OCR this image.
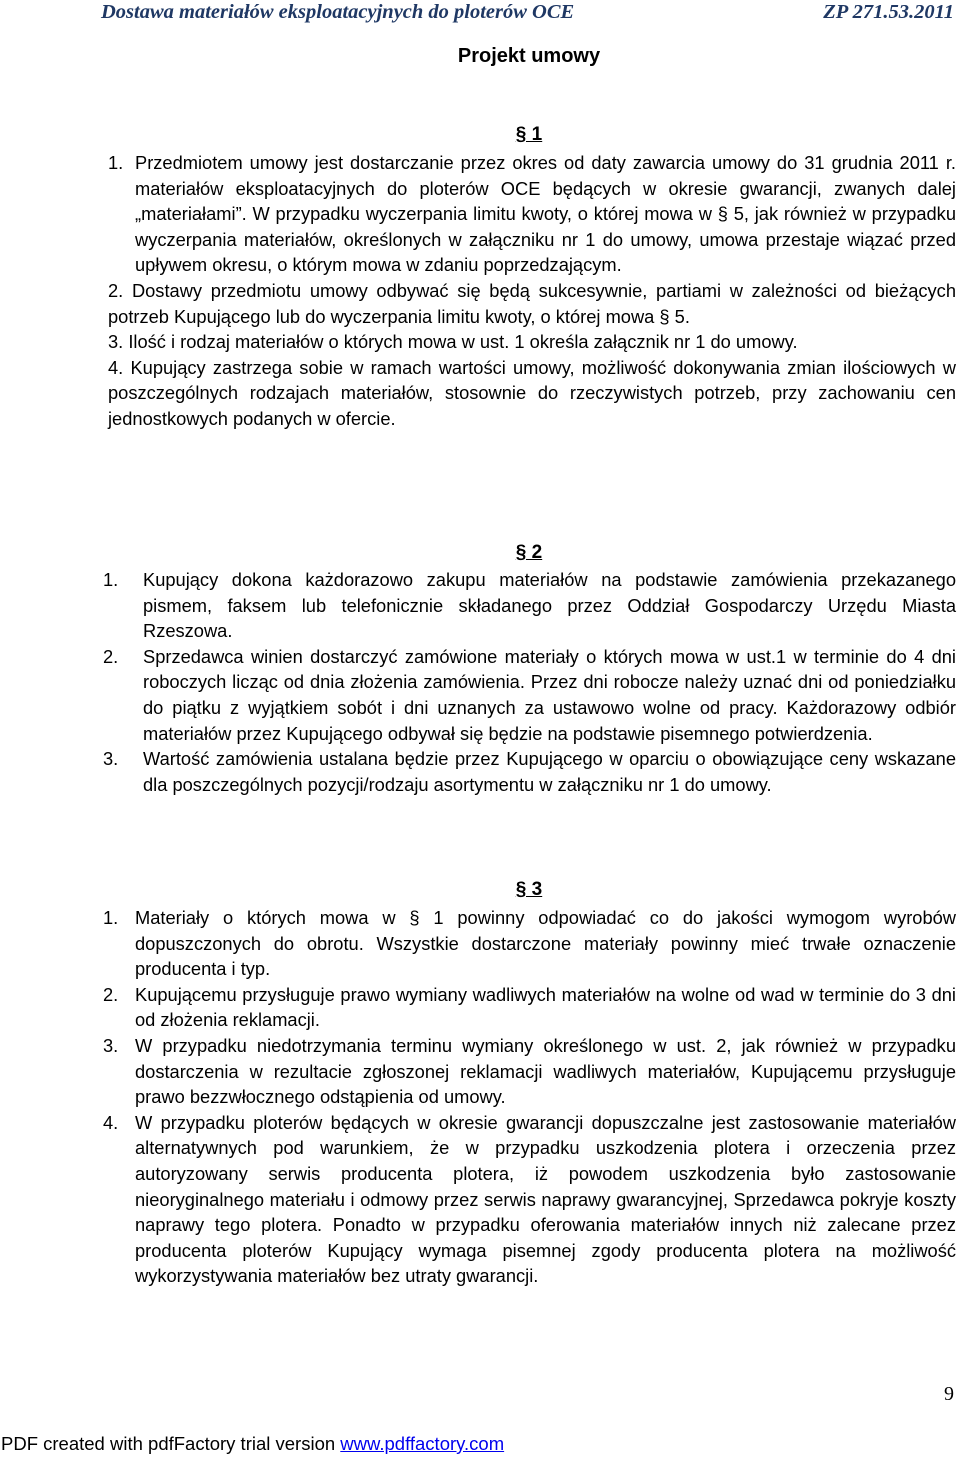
Dostawa materiałów eksploatacyjnych do ploterów OCE	ZP 271.53.2011
Projekt umowy
§ 1
1. Przedmiotem umowy jest dostarczanie przez okres od daty zawarcia umowy do 31 grudnia 2011 r. materiałów eksploatacyjnych do ploterów OCE będących w okresie gwarancji, zwanych dalej „materiałami”. W przypadku wyczerpania limitu kwoty, o której mowa w § 5, jak również w przypadku wyczerpania materiałów, określonych w załączniku nr 1 do umowy, umowa przestaje wiązać przed upływem okresu, o którym mowa w zdaniu poprzedzającym.
2. Dostawy przedmiotu umowy odbywać się będą sukcesywnie, partiami w zależności od bieżących potrzeb Kupującego lub do wyczerpania limitu kwoty, o której mowa § 5.
3. Ilość i rodzaj materiałów o których mowa w ust. 1 określa załącznik nr 1 do umowy.
4. Kupujący zastrzega sobie w ramach wartości umowy, możliwość dokonywania zmian ilościowych w poszczególnych rodzajach materiałów, stosownie do rzeczywistych potrzeb, przy zachowaniu cen jednostkowych podanych w ofercie.
§ 2
1. Kupujący dokona każdorazowo zakupu materiałów na podstawie zamówienia przekazanego pismem, faksem lub telefonicznie składanego przez Oddział Gospodarczy Urzędu Miasta Rzeszowa.
2. Sprzedawca winien dostarczyć zamówione materiały o których mowa w ust.1 w terminie do 4 dni roboczych licząc od dnia złożenia zamówienia. Przez dni robocze należy uznać dni od poniedziałku do piątku z wyjątkiem sobót i dni uznanych za ustawowo wolne od pracy. Każdorazowy odbiór materiałów przez Kupującego odbywał się będzie na podstawie pisemnego potwierdzenia.
3. Wartość zamówienia ustalana będzie przez Kupującego w oparciu o obowiązujące ceny wskazane dla poszczególnych pozycji/rodzaju asortymentu w załączniku nr 1 do umowy.
§ 3
1. Materiały o których mowa w § 1 powinny odpowiadać co do jakości wymogom wyrobów dopuszczonych do obrotu. Wszystkie dostarczone materiały powinny mieć trwałe oznaczenie producenta i typ.
2. Kupującemu przysługuje prawo wymiany wadliwych materiałów na wolne od wad w terminie do 3 dni od złożenia reklamacji.
3. W przypadku niedotrzymania terminu wymiany określonego w ust. 2, jak również w przypadku dostarczenia w rezultacie zgłoszonej reklamacji wadliwych materiałów, Kupującemu przysługuje prawo bezzwłocznego odstąpienia od umowy.
4. W przypadku ploterów będących w okresie gwarancji dopuszczalne jest zastosowanie materiałów alternatywnych pod warunkiem, że w przypadku uszkodzenia plotera i orzeczenia przez autoryzowany serwis producenta plotera, iż powodem uszkodzenia było zastosowanie nieoryginalnego materiału i odmowy przez serwis naprawy gwarancyjnej, Sprzedawca pokryje koszty naprawy tego plotera. Ponadto w przypadku oferowania materiałów innych niż zalecane przez producenta ploterów Kupujący wymaga pisemnej zgody producenta plotera na możliwość wykorzystywania materiałów bez utraty gwarancji.
9
PDF created with pdfFactory trial version www.pdffactory.com
